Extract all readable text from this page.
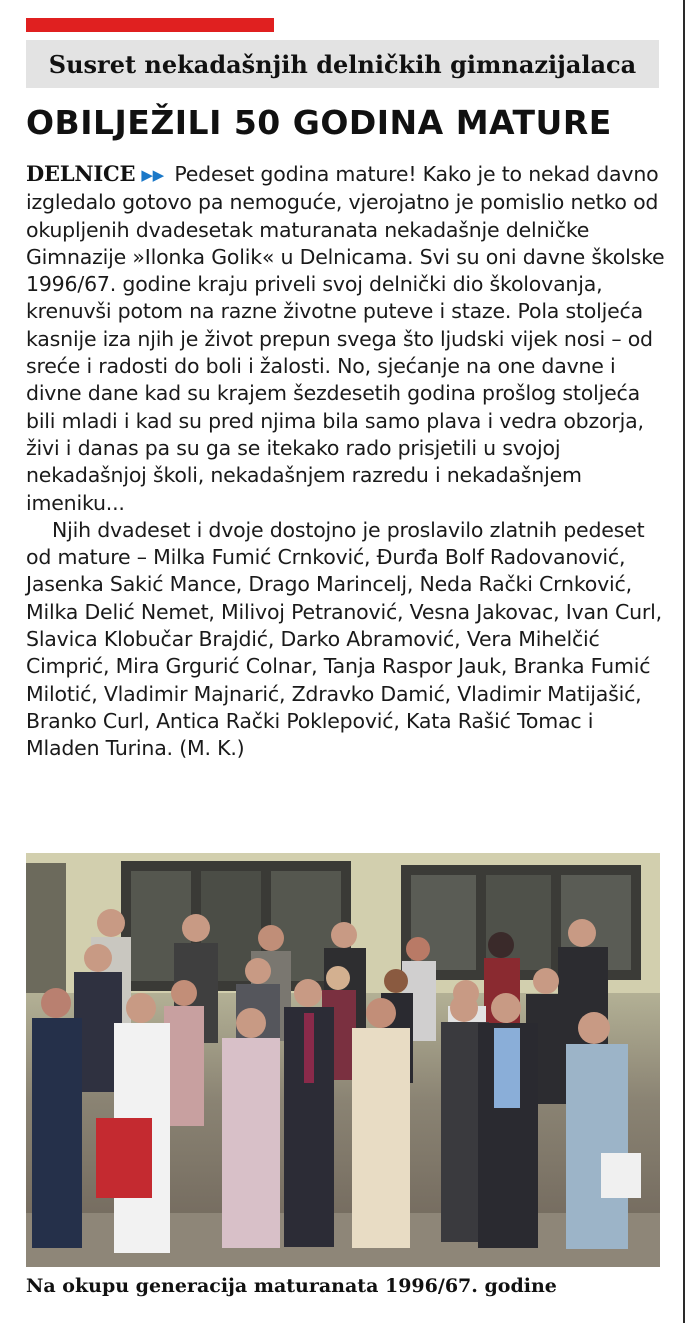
Susret nekadašnjih delničkih gimnazijalaca
OBILJEŽILI 50 GODINA MATURE

DELNICE ▶▶ Pedeset godina mature! Kako je to nekad davno izgledalo gotovo pa nemoguće, vjerojatno je pomislio netko od okupljenih dvadesetak maturanata nekadašnje delničke Gimnazije »Ilonka Golik« u Delnicama. Svi su oni davne školske 1996/67. godine kraju priveli svoj delnički dio školovanja, krenuvši potom na razne životne puteve i staze. Pola stoljeća kasnije iza njih je život prepun svega što ljudski vijek nosi – od sreće i radosti do boli i žalosti. No, sjećanje na one davne i divne dane kad su krajem šezdesetih godina prošlog stoljeća bili mladi i kad su pred njima bila samo plava i vedra obzorja, živi i danas pa su ga se itekako rado prisjetili u svojoj nekadašnjoj školi, nekadašnjem razredu i nekadašnjem imeniku...

Njih dvadeset i dvoje dostojno je proslavilo zlatnih pedeset od mature – Milka Fumić Crnković, Đurđa Bolf Radovanović, Jasenka Sakić Mance, Drago Marincelj, Neda Rački Crnković, Milka Delić Nemet, Milivoj Petranović, Vesna Jakovac, Ivan Curl, Slavica Klobučar Brajdić, Darko Abramović, Vera Mihelčić Cimprić, Mira Grgurić Colnar, Tanja Raspor Jauk, Branka Fumić Milotić, Vladimir Majnarić, Zdravko Damić, Vladimir Matijašić, Branko Curl, Antica Rački Poklepović, Kata Rašić Tomac i Mladen Turina. (M. K.)

Na okupu generacija maturanata 1996/67. godine
